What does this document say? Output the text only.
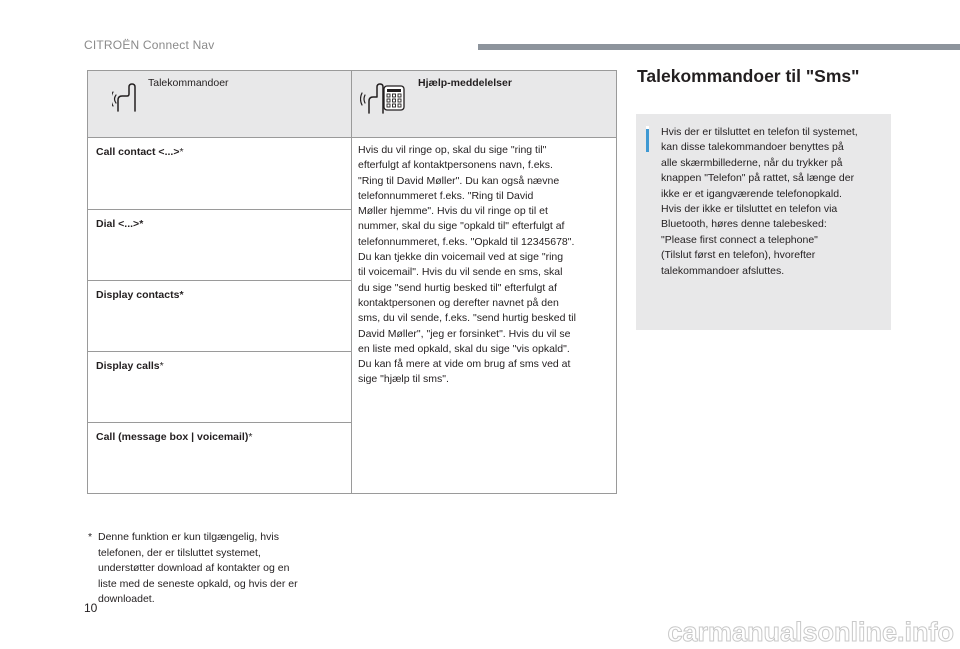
CITROËN Connect Nav
Talekommandoer	Hjælp-meddelelser
Call contact <...>*
Dial <...>*
Display contacts*
Display calls*
Call (message box | voicemail)*
Hvis du vil ringe op, skal du sige "ring til"
efterfulgt af kontaktpersonens navn, f.eks.
"Ring til David Møller". Du kan også nævne
telefonnummeret f.eks. "Ring til David
Møller hjemme". Hvis du vil ringe op til et
nummer, skal du sige "opkald til" efterfulgt af
telefonnummeret, f.eks. "Opkald til 12345678".
Du kan tjekke din voicemail ved at sige "ring
til voicemail". Hvis du vil sende en sms, skal
du sige "send hurtig besked til" efterfulgt af
kontaktpersonen og derefter navnet på den
sms, du vil sende, f.eks. "send hurtig besked til
David Møller", "jeg er forsinket". Hvis du vil se
en liste med opkald, skal du sige "vis opkald".
Du kan få mere at vide om brug af sms ved at
sige "hjælp til sms".
* Denne funktion er kun tilgængelig, hvis
telefonen, der er tilsluttet systemet,
understøtter download af kontakter og en
liste med de seneste opkald, og hvis der er
downloadet.
Talekommandoer til "Sms"
Hvis der er tilsluttet en telefon til systemet,
kan disse talekommandoer benyttes på
alle skærmbillederne, når du trykker på
knappen "Telefon" på rattet, så længe der
ikke er et igangværende telefonopkald.
Hvis der ikke er tilsluttet en telefon via
Bluetooth, høres denne talebesked:
"Please first connect a telephone"
(Tilslut først en telefon), hvorefter
talekommandoer afsluttes.
10
carmanualsonline.info
